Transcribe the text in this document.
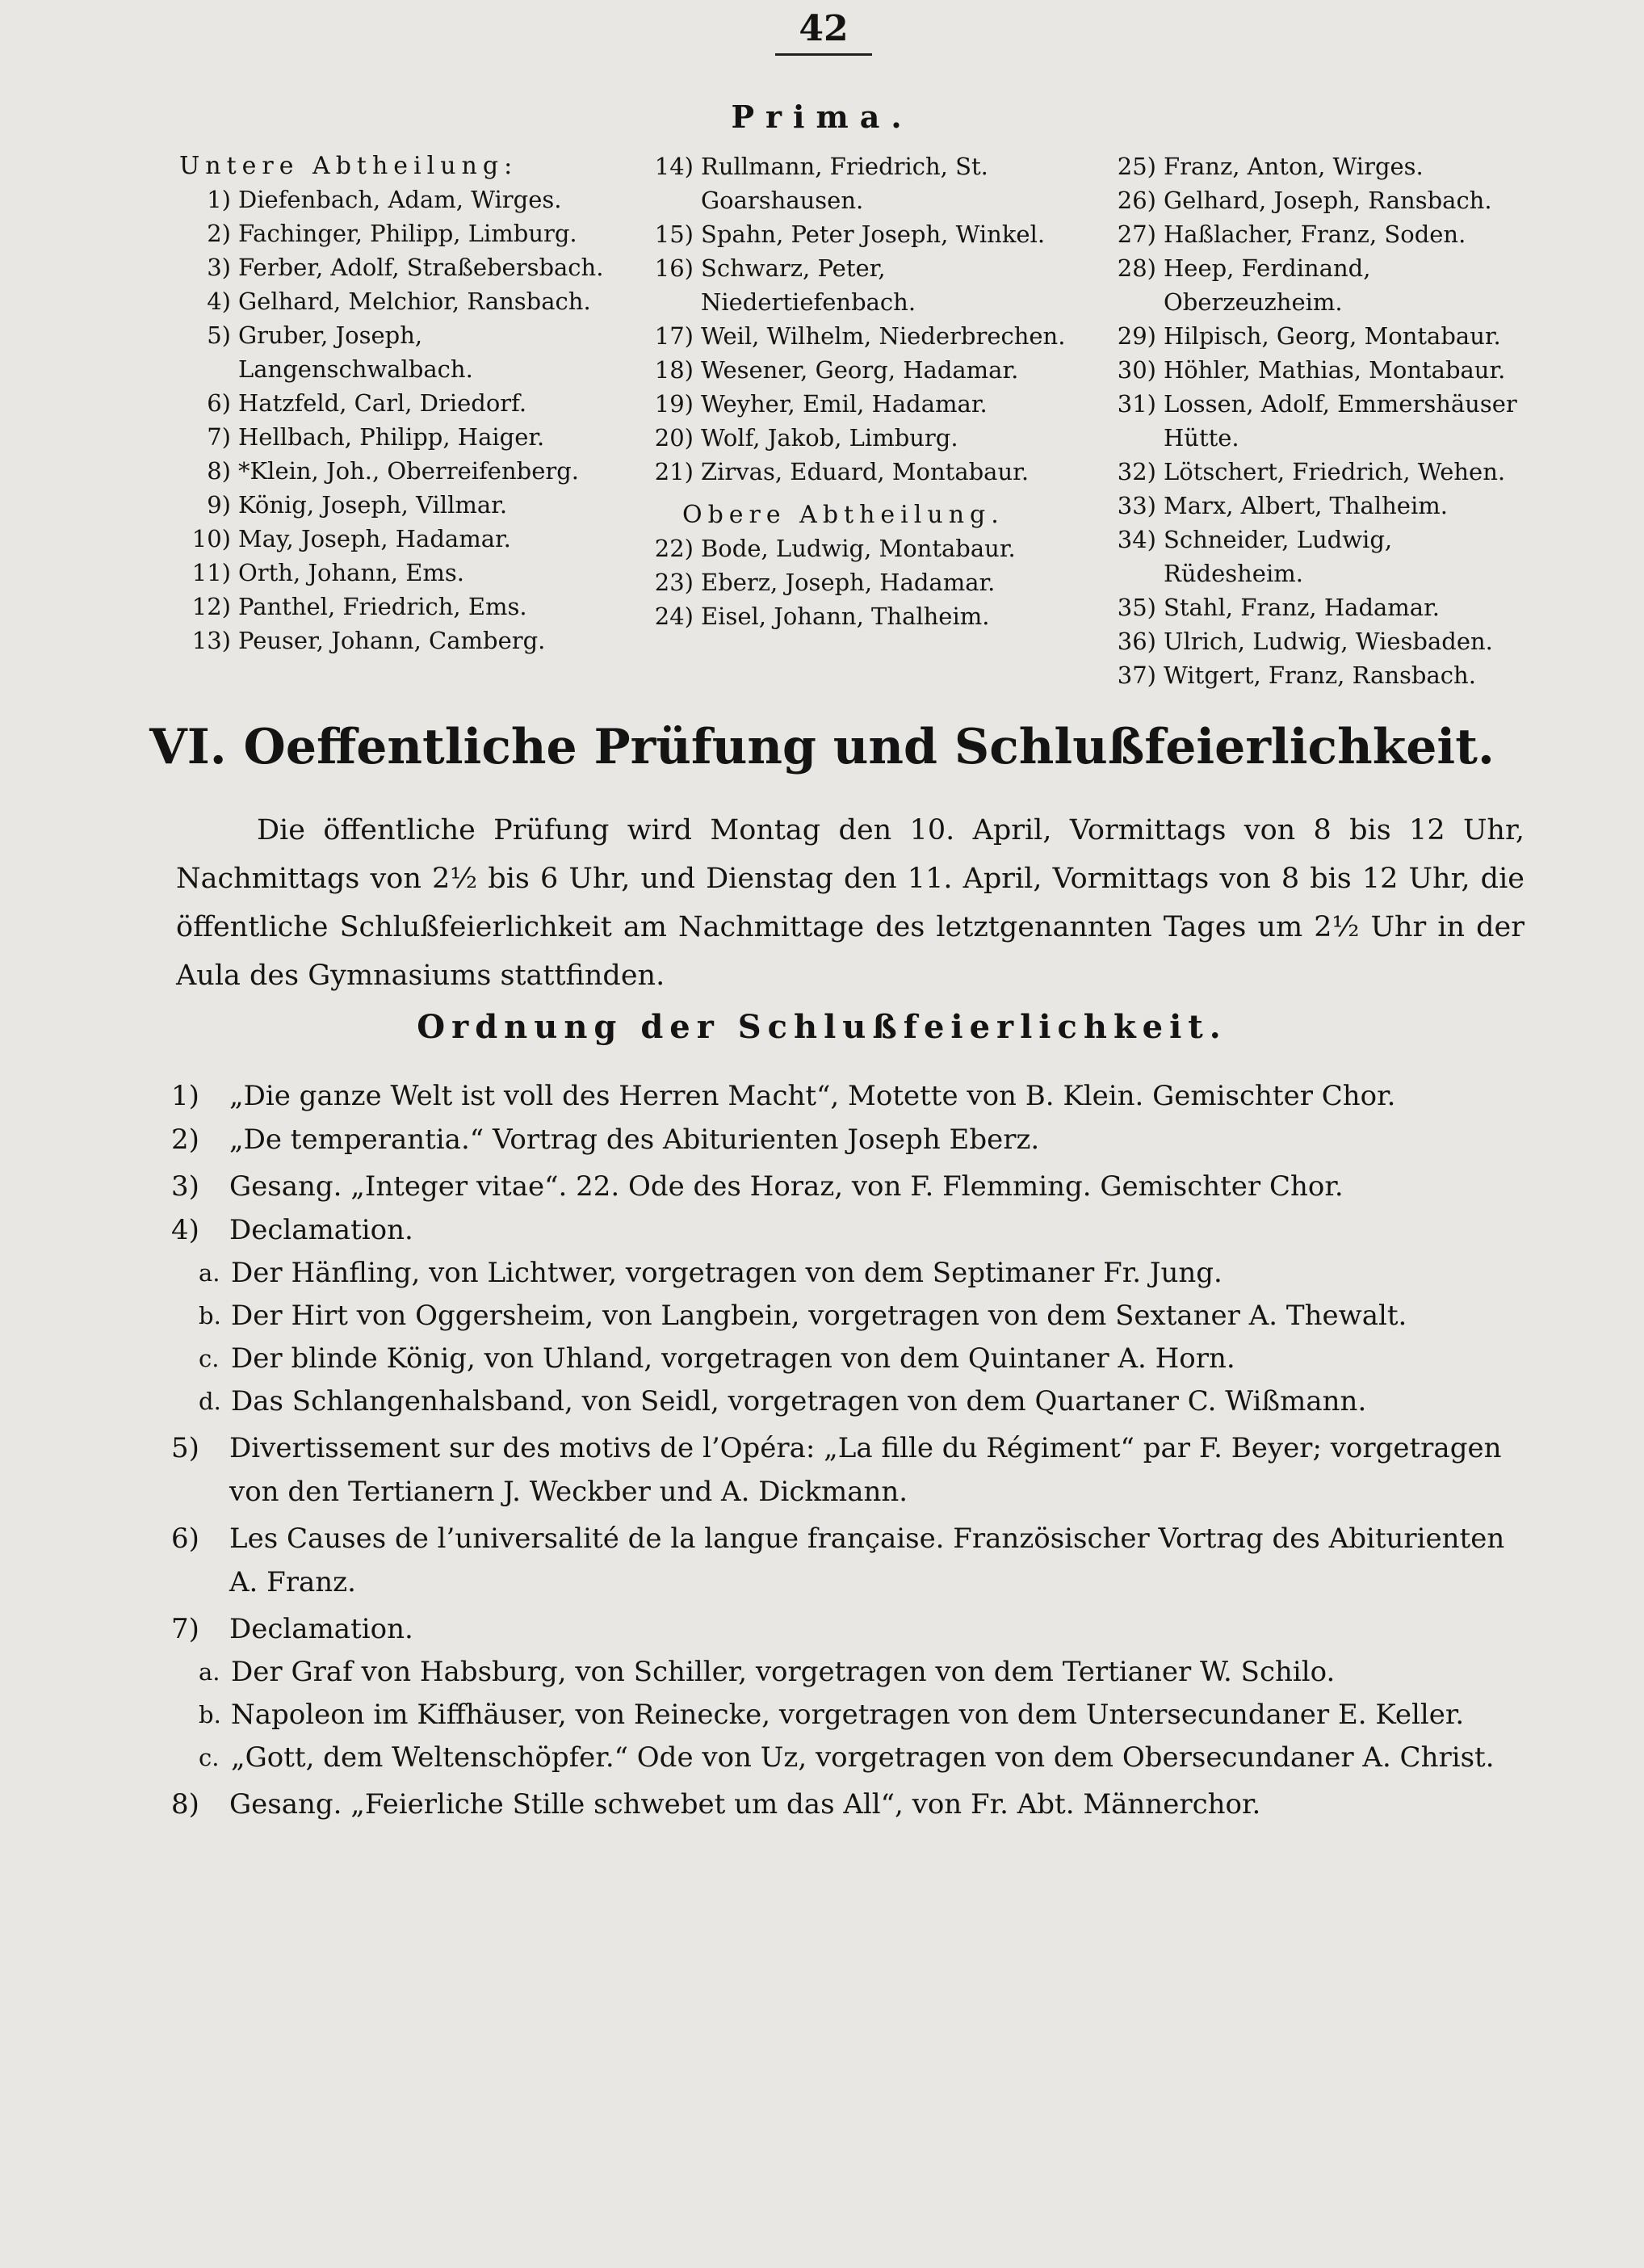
42
Prima.
Untere Abtheilung:
1) Diefenbach, Adam, Wirges.
2) Fachinger, Philipp, Limburg.
3) Ferber, Adolf, Straßebersbach.
4) Gelhard, Melchior, Ransbach.
5) Gruber, Joseph, Langenschwalbach.
6) Hatzfeld, Carl, Driedorf.
7) Hellbach, Philipp, Haiger.
8) *Klein, Joh., Oberreifenberg.
9) König, Joseph, Villmar.
10) May, Joseph, Hadamar.
11) Orth, Johann, Ems.
12) Panthel, Friedrich, Ems.
13) Peuser, Johann, Camberg.
14) Rullmann, Friedrich, St. Goarshausen.
15) Spahn, Peter Joseph, Winkel.
16) Schwarz, Peter, Niedertiefenbach.
17) Weil, Wilhelm, Niederbrechen.
18) Wesener, Georg, Hadamar.
19) Weyher, Emil, Hadamar.
20) Wolf, Jakob, Limburg.
21) Zirvas, Eduard, Montabaur.
Obere Abtheilung.
22) Bode, Ludwig, Montabaur.
23) Eberz, Joseph, Hadamar.
24) Eisel, Johann, Thalheim.
25) Franz, Anton, Wirges.
26) Gelhard, Joseph, Ransbach.
27) Haßlacher, Franz, Soden.
28) Heep, Ferdinand, Oberzeuzheim.
29) Hilpisch, Georg, Montabaur.
30) Höhler, Mathias, Montabaur.
31) Lossen, Adolf, Emmershäuser Hütte.
32) Lötschert, Friedrich, Wehen.
33) Marx, Albert, Thalheim.
34) Schneider, Ludwig, Rüdesheim.
35) Stahl, Franz, Hadamar.
36) Ulrich, Ludwig, Wiesbaden.
37) Witgert, Franz, Ransbach.
VI. Oeffentliche Prüfung und Schlußfeierlichkeit.
Die öffentliche Prüfung wird Montag den 10. April, Vormittags von 8 bis 12 Uhr, Nachmittags von 2½ bis 6 Uhr, und Dienstag den 11. April, Vormittags von 8 bis 12 Uhr, die öffentliche Schlußfeierlichkeit am Nachmittage des letztgenannten Tages um 2½ Uhr in der Aula des Gymnasiums stattfinden.
Ordnung der Schlußfeierlichkeit.
1) „Die ganze Welt ist voll des Herren Macht“, Motette von B. Klein. Gemischter Chor.
2) „De temperantia.“ Vortrag des Abiturienten Joseph Eberz.
3) Gesang. „Integer vitae“. 22. Ode des Horaz, von F. Flemming. Gemischter Chor.
4) Declamation.
a. Der Hänfling, von Lichtwer, vorgetragen von dem Septimaner Fr. Jung.
b. Der Hirt von Oggersheim, von Langbein, vorgetragen von dem Sextaner A. Thewalt.
c. Der blinde König, von Uhland, vorgetragen von dem Quintaner A. Horn.
d. Das Schlangenhalsband, von Seidl, vorgetragen von dem Quartaner C. Wißmann.
5) Divertissement sur des motivs de l’Opéra: „La fille du Régiment“ par F. Beyer; vorgetragen von den Tertianern J. Weckber und A. Dickmann.
6) Les Causes de l’universalité de la langue française. Französischer Vortrag des Abiturienten A. Franz.
7) Declamation.
a. Der Graf von Habsburg, von Schiller, vorgetragen von dem Tertianer W. Schilo.
b. Napoleon im Kiffhäuser, von Reinecke, vorgetragen von dem Untersecundaner E. Keller.
c. „Gott, dem Weltenschöpfer.“ Ode von Uz, vorgetragen von dem Obersecundaner A. Christ.
8) Gesang. „Feierliche Stille schwebet um das All“, von Fr. Abt. Männerchor.
